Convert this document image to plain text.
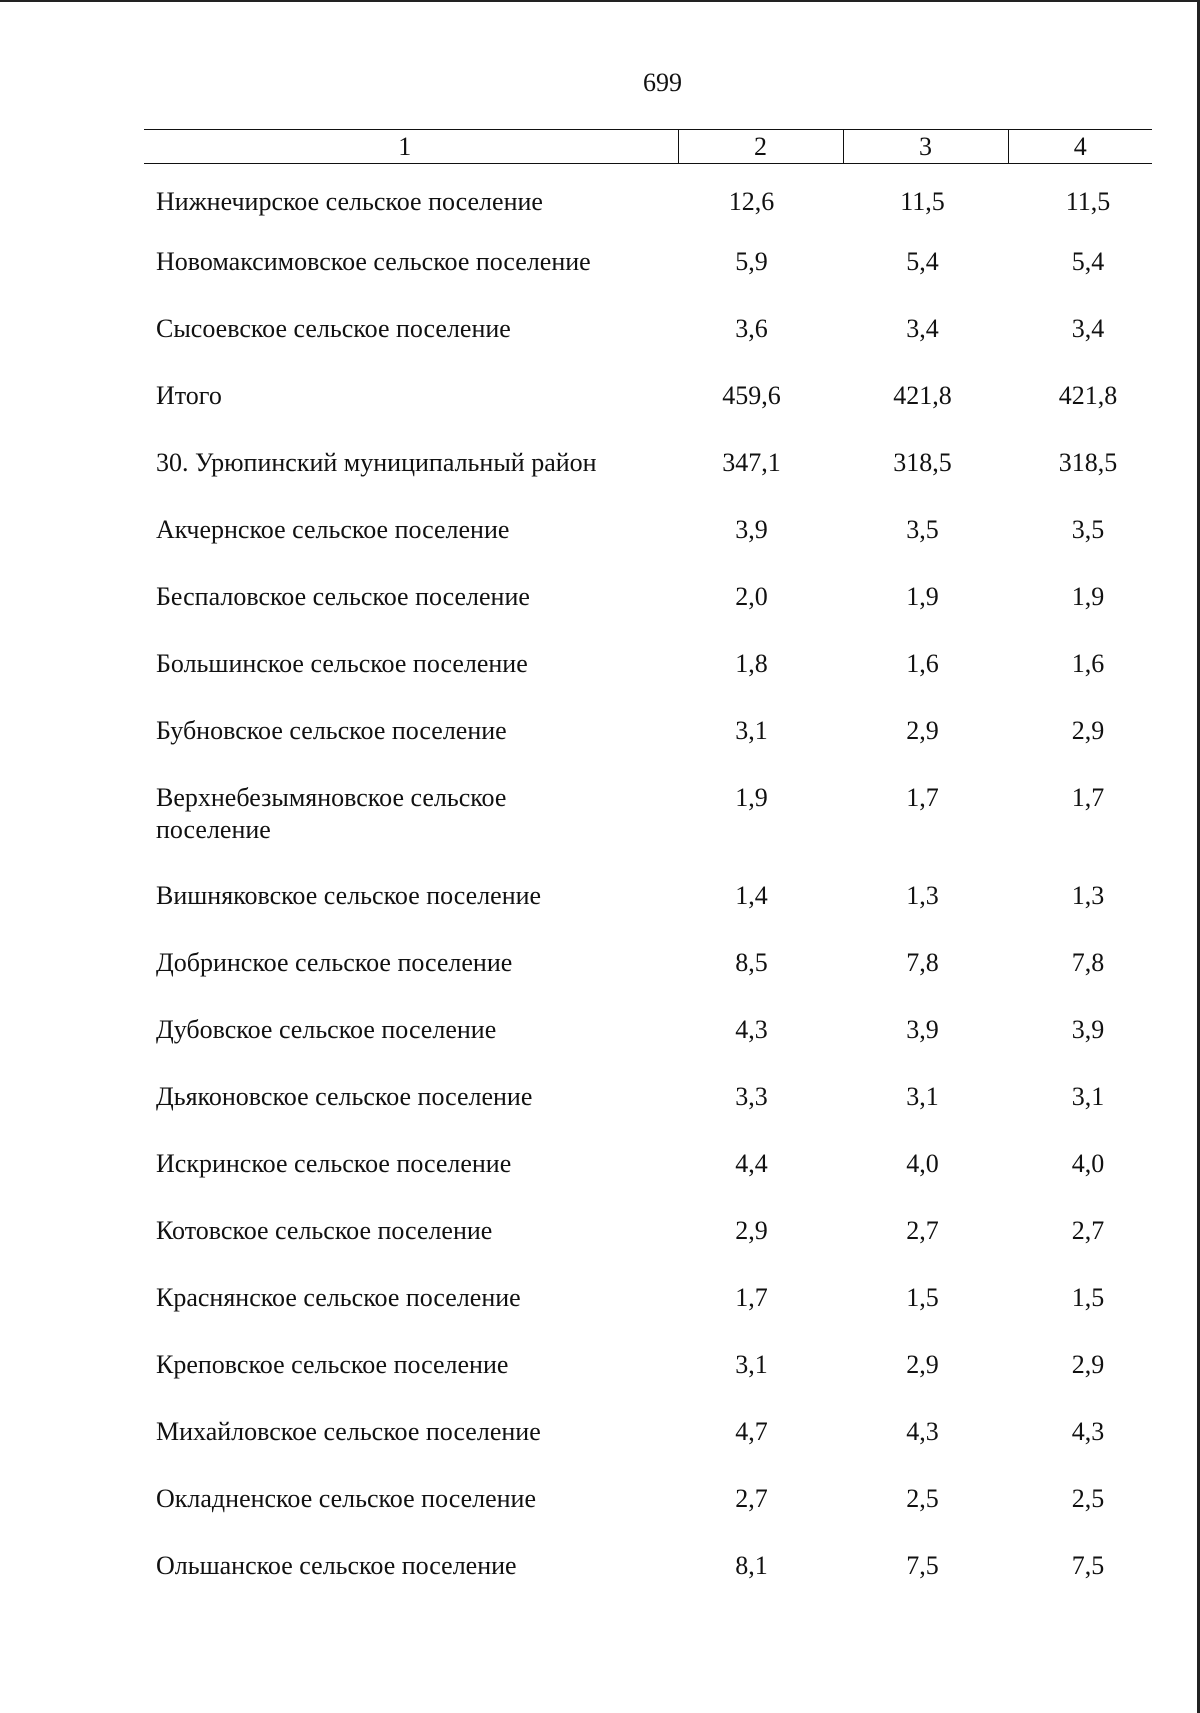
699
1	2	3	4
Нижнечирское сельское поселение	12,6	11,5	11,5
Новомаксимовское сельское поселение	5,9	5,4	5,4
Сысоевское сельское поселение	3,6	3,4	3,4
Итого	459,6	421,8	421,8
30. Урюпинский муниципальный район	347,1	318,5	318,5
Акчернское сельское поселение	3,9	3,5	3,5
Беспаловское сельское поселение	2,0	1,9	1,9
Большинское сельское поселение	1,8	1,6	1,6
Бубновское сельское поселение	3,1	2,9	2,9
Верхнебезымяновское сельское поселение	1,9	1,7	1,7
Вишняковское сельское поселение	1,4	1,3	1,3
Добринское сельское поселение	8,5	7,8	7,8
Дубовское сельское поселение	4,3	3,9	3,9
Дьяконовское сельское поселение	3,3	3,1	3,1
Искринское сельское поселение	4,4	4,0	4,0
Котовское сельское поселение	2,9	2,7	2,7
Краснянское сельское поселение	1,7	1,5	1,5
Креповское сельское поселение	3,1	2,9	2,9
Михайловское сельское поселение	4,7	4,3	4,3
Окладненское сельское поселение	2,7	2,5	2,5
Ольшанское сельское поселение	8,1	7,5	7,5
